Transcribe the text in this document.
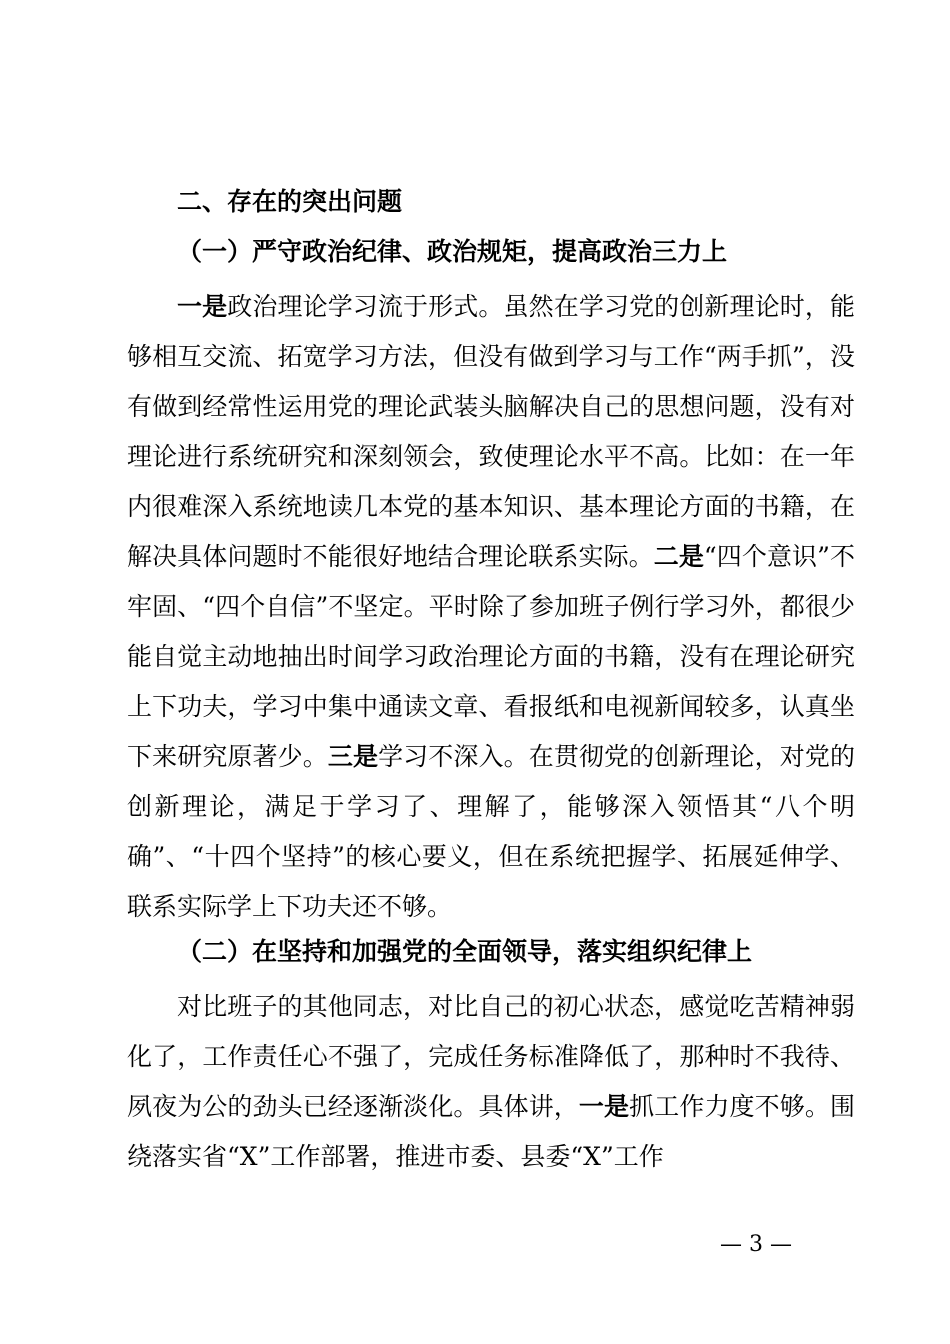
二、存在的突出问题
（一）严守政治纪律、政治规矩，提高政治三力上

一是政治理论学习流于形式。虽然在学习党的创新理论时，能够相互交流、拓宽学习方法，但没有做到学习与工作“两手抓”，没有做到经常性运用党的理论武装头脑解决自己的思想问题，没有对理论进行系统研究和深刻领会，致使理论水平不高。比如：在一年内很难深入系统地读几本党的基本知识、基本理论方面的书籍，在解决具体问题时不能很好地结合理论联系实际。二是“四个意识”不牢固、“四个自信”不坚定。平时除了参加班子例行学习外，都很少能自觉主动地抽出时间学习政治理论方面的书籍，没有在理论研究上下功夫，学习中集中通读文章、看报纸和电视新闻较多，认真坐下来研究原著少。三是学习不深入。在贯彻党的创新理论，对党的创新理论，满足于学习了、理解了，能够深入领悟其“八个明确”、“十四个坚持”的核心要义，但在系统把握学、拓展延伸学、联系实际学上下功夫还不够。

（二）在坚持和加强党的全面领导，落实组织纪律上

对比班子的其他同志，对比自己的初心状态，感觉吃苦精神弱化了，工作责任心不强了，完成任务标准降低了，那种时不我待、夙夜为公的劲头已经逐渐淡化。具体讲，一是抓工作力度不够。围绕落实省“X”工作部署，推进市委、县委“X”工作

— 3 —
